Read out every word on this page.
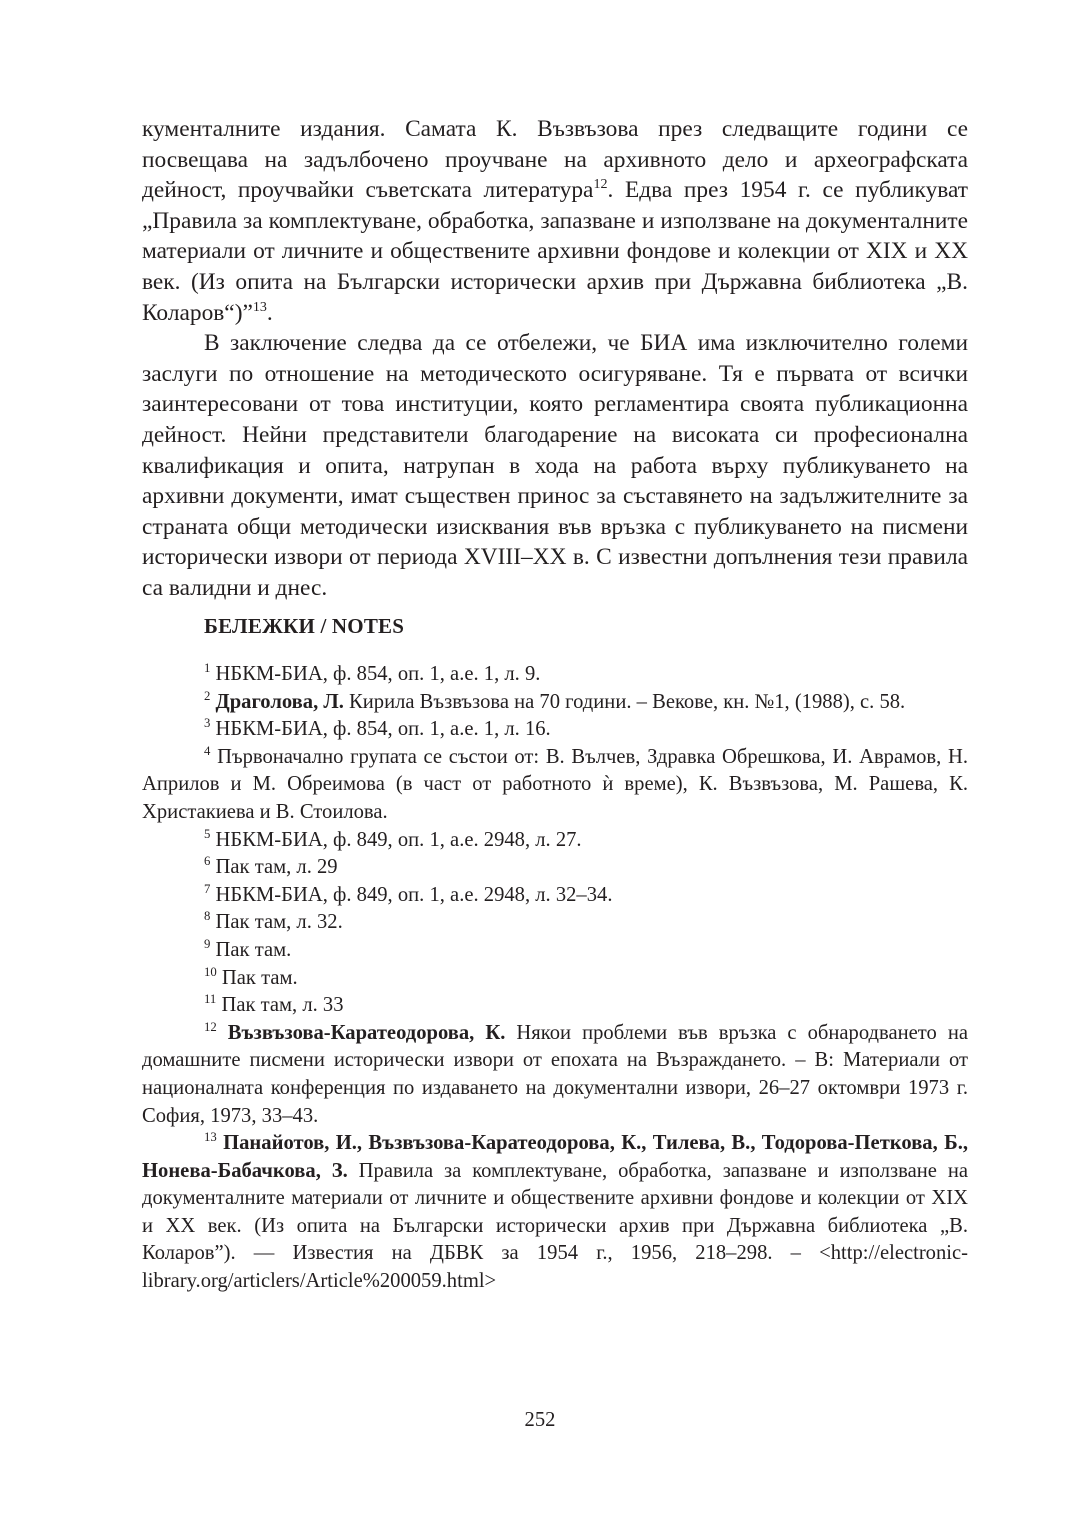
кументалните издания. Самата К. Възвъзова през следващите години се посвещава на задълбочено проучване на архивното дело и археографската дейност, проучвайки съветската литература$^{12}$. Едва през 1954 г. се публикуват „Правила за комплектуване, обработка, запазване и използване на документалните материали от личните и обществените архивни фондове и колекции от XIX и XX век. (Из опита на Български исторически архив при Държавна библиотека „В. Коларов“)”$^{13}$.

В заключение следва да се отбележи, че БИА има изключително големи заслуги по отношение на методическото осигуряване. Тя е първата от всички заинтересовани от това институции, която регламентира своята публикационна дейност. Нейни представители благодарение на високата си професионална квалификация и опита, натрупан в хода на работа върху публикуването на архивни документи, имат съществен принос за съставянето на задължителните за страната общи методически изисквания във връзка с публикуването на писмени исторически извори от периода XVIII–XX в. С известни допълнения тези правила са валидни и днес.

БЕЛЕЖКИ / NOTES

$^1$ НБКМ-БИА, ф. 854, оп. 1, а.е. 1, л. 9.

$^2$ Драголова, Л. Кирила Възвъзова на 70 години. – Векове, кн. №1, (1988), с. 58.

$^3$ НБКМ-БИА, ф. 854, оп. 1, а.е. 1, л. 16.

$^4$ Първоначално групата се състои от: В. Вълчев, Здравка Обрешкова, И. Аврамов, Н. Априлов и М. Обреимова (в част от работното ѝ време), К. Възвъзова, М. Рашева, К. Христакиева и В. Стоилова.

$^5$ НБКМ-БИА, ф. 849, оп. 1, а.е. 2948, л. 27.

$^6$ Пак там, л. 29

$^7$ НБКМ-БИА, ф. 849, оп. 1, а.е. 2948, л. 32–34.

$^8$ Пак там, л. 32.

$^9$ Пак там.

$^{10}$ Пак там.

$^{11}$ Пак там, л. 33

$^{12}$ Възвъзова-Каратеодорова, К. Някои проблеми във връзка с обнародването на домашните писмени исторически извори от епохата на Възраждането. – В: Материали от националната конференция по издаването на документални извори, 26–27 октомври 1973 г. София, 1973, 33–43.

$^{13}$ Панайотов, И., Възвъзова-Каратеодорова, К., Тилева, В., Тодорова-Петкова, Б., Нонева-Бабачкова, З. Правила за комплектуване, обработка, запазване и използване на документалните материали от личните и обществените архивни фондове и колекции от XIX и XX век. (Из опита на Български исторически архив при Държавна библиотека „В. Коларов”). — Известия на ДБВК за 1954 г., 1956, 218–298. – <http://electronic-library.org/articlers/Article%200059.html>

252
